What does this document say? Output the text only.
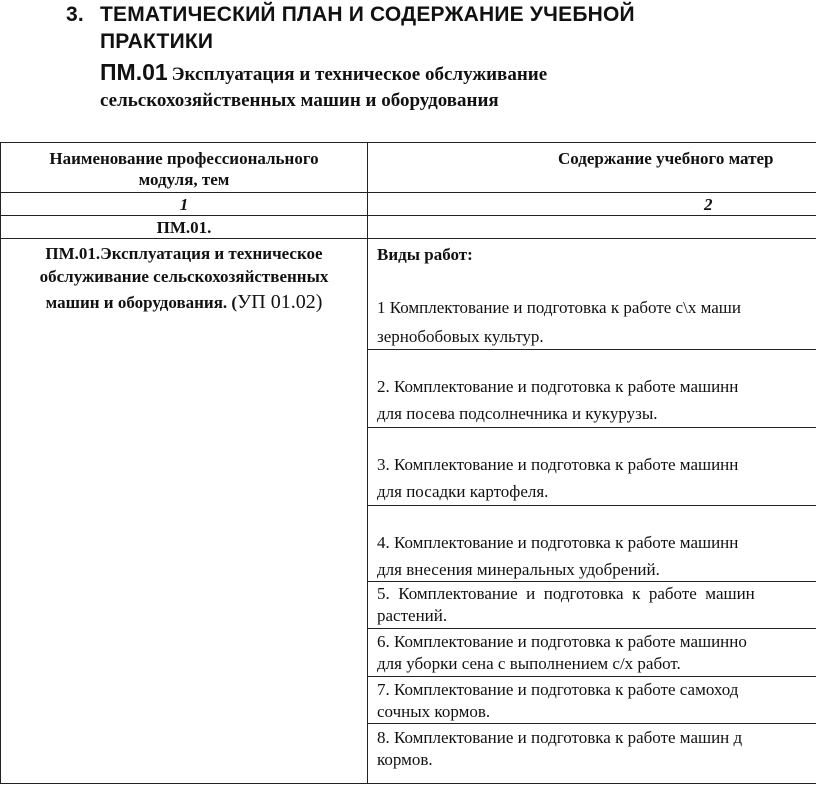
3. ТЕМАТИЧЕСКИЙ ПЛАН И СОДЕРЖАНИЕ УЧЕБНОЙ
ПРАКТИКИ
ПМ.01 Эксплуатация и техническое обслуживание
сельскохозяйственных машин и оборудования
Наименование профессионального
модуля, тем
Содержание учебного матер
1	2
ПМ.01.
ПМ.01.Эксплуатация и техническое
обслуживание сельскохозяйственных
машин и оборудования. (УП 01.02)
Виды работ:
1 Комплектование и подготовка к работе с\х маши
зернобобовых культур.
2. Комплектование и подготовка к работе машинн
для посева подсолнечника и кукурузы.
3. Комплектование и подготовка к работе машинн
для посадки картофеля.
4. Комплектование и подготовка к работе машинн
для внесения минеральных удобрений.
5.  Комплектование  и  подготовка  к  работе  машин
растений.
6. Комплектование и подготовка к работе машинно
для уборки сена с выполнением с/х работ.
7. Комплектование и подготовка к работе самоход
сочных кормов.
8. Комплектование и подготовка к работе машин д
кормов.
